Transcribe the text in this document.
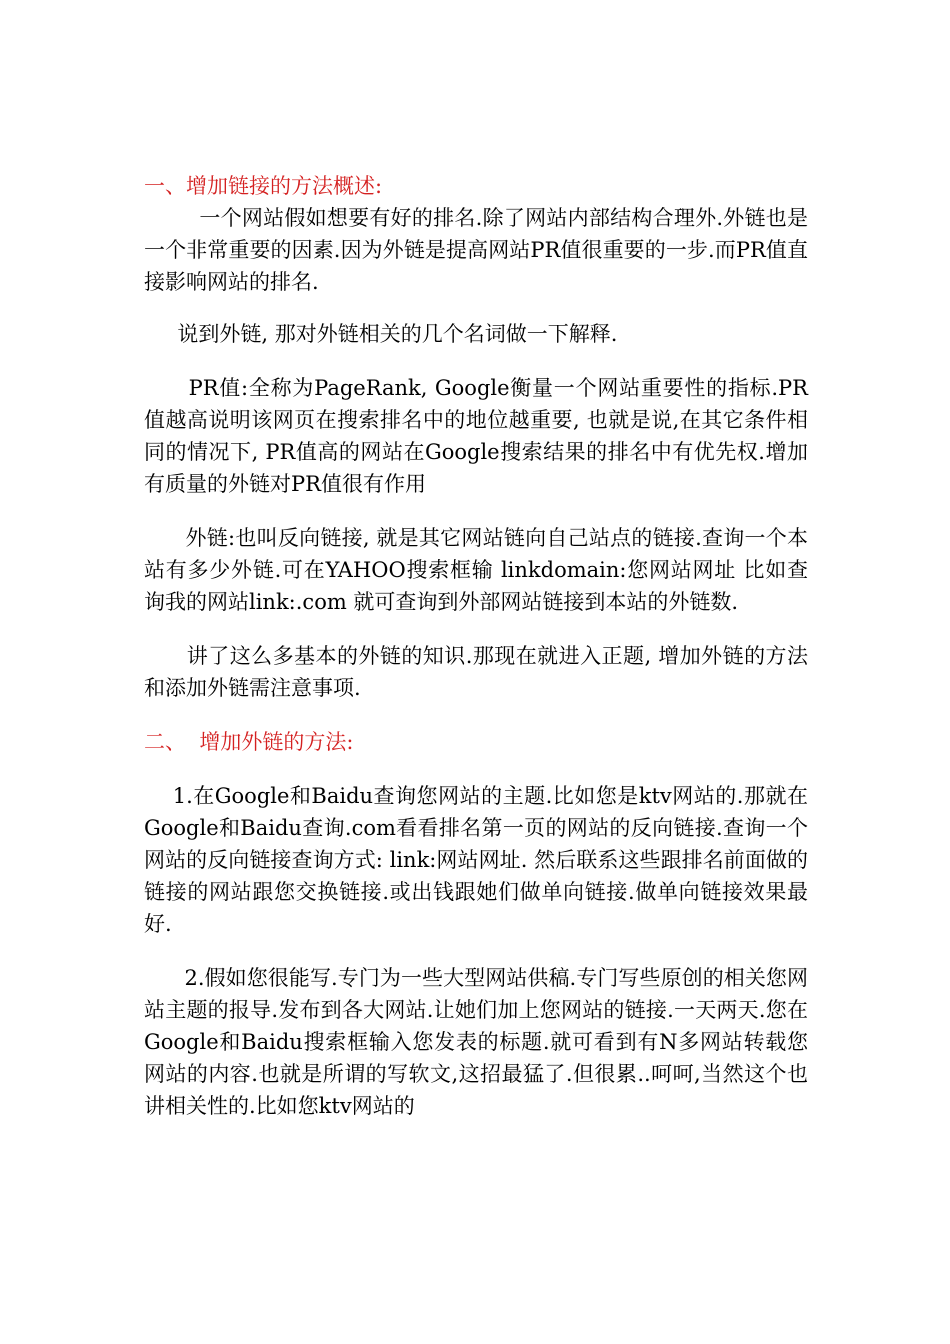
一、增加链接的方法概述:

一个网站假如想要有好的排名.除了网站内部结构合理外.外链也是一个非常重要的因素.因为外链是提高网站PR值很重要的一步.而PR值直接影响网站的排名.

说到外链, 那对外链相关的几个名词做一下解释.

PR值:全称为PageRank, Google衡量一个网站重要性的指标.PR值越高说明该网页在搜索排名中的地位越重要, 也就是说,在其它条件相同的情况下, PR值高的网站在Google搜索结果的排名中有优先权.增加有质量的外链对PR值很有作用

外链:也叫反向链接, 就是其它网站链向自己站点的链接.查询一个本站有多少外链.可在YAHOO搜索框输 linkdomain:您网站网址 比如查询我的网站link:.com 就可查询到外部网站链接到本站的外链数.

讲了这么多基本的外链的知识.那现在就进入正题, 增加外链的方法和添加外链需注意事项.

二、  增加外链的方法:

1.在Google和Baidu查询您网站的主题.比如您是ktv网站的.那就在Google和Baidu查询.com看看排名第一页的网站的反向链接.查询一个网站的反向链接查询方式: link:网站网址. 然后联系这些跟排名前面做的链接的网站跟您交换链接.或出钱跟她们做单向链接.做单向链接效果最好.

2.假如您很能写.专门为一些大型网站供稿.专门写些原创的相关您网站主题的报导.发布到各大网站.让她们加上您网站的链接.一天两天.您在Google和Baidu搜索框输入您发表的标题.就可看到有N多网站转载您网站的内容.也就是所谓的写软文,这招最猛了.但很累..呵呵,当然这个也讲相关性的.比如您ktv网站的
